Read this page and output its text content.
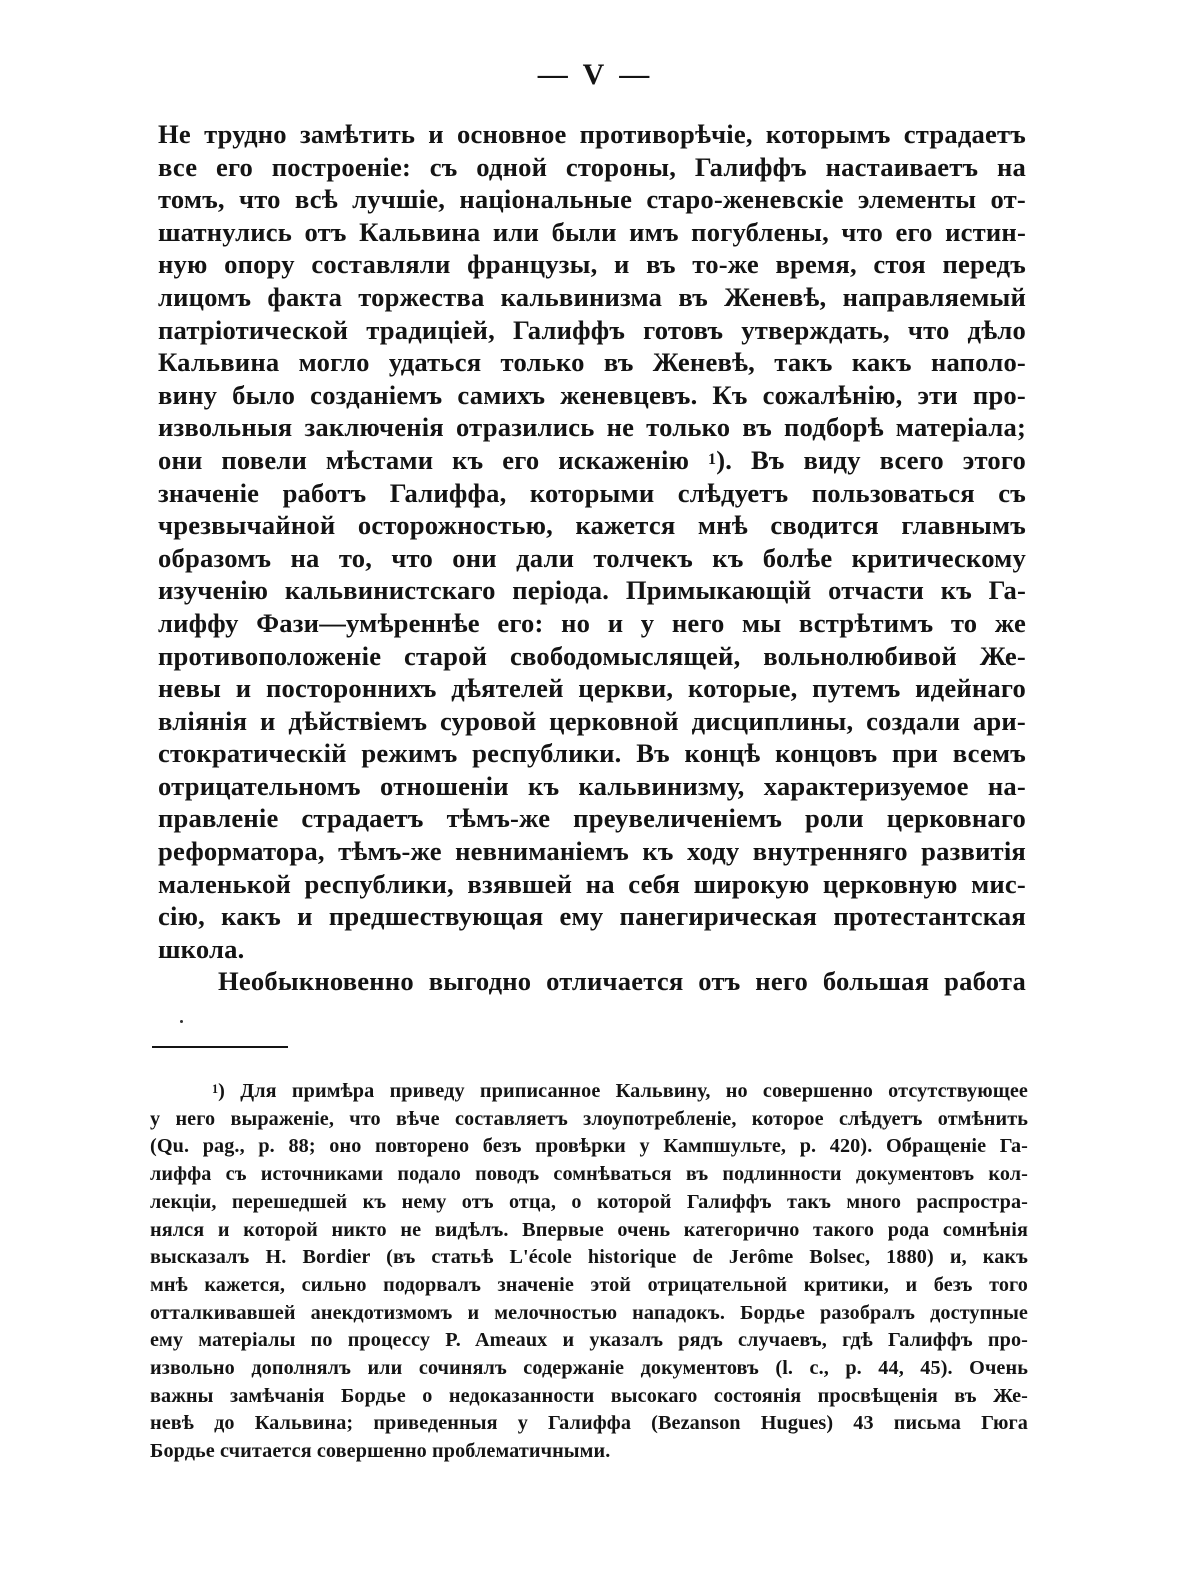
— V —
Не трудно замѣтить и основное противорѣчіе, которымъ страдаетъ
все его построеніе: съ одной стороны, Галиффъ настаиваетъ на
томъ, что всѣ лучшіе, національные старо-женевскіе элементы от-
шатнулись отъ Кальвина или были имъ погублены, что его истин-
ную опору составляли французы, и въ то-же время, стоя передъ
лицомъ факта торжества кальвинизма въ Женевѣ, направляемый
патріотической традиціей, Галиффъ готовъ утверждать, что дѣло
Кальвина могло удаться только въ Женевѣ, такъ какъ наполо-
вину было созданіемъ самихъ женевцевъ. Къ сожалѣнію, эти про-
извольныя заключенія отразились не только въ подборѣ матеріала;
они повели мѣстами къ его искаженію $^1$). Въ виду всего этого
значеніе работъ Галиффа, которыми слѣдуетъ пользоваться съ
чрезвычайной осторожностью, кажется мнѣ сводится главнымъ
образомъ на то, что они дали толчекъ къ болѣе критическому
изученію кальвинистскаго періода. Примыкающій отчасти къ Га-
лиффу Фази—умѣреннѣе его: но и у него мы встрѣтимъ то же
противоположеніе старой свободомыслящей, вольнолюбивой Же-
невы и постороннихъ дѣятелей церкви, которые, путемъ идейнаго
вліянія и дѣйствіемъ суровой церковной дисциплины, создали ари-
стократическій режимъ республики. Въ концѣ концовъ при всемъ
отрицательномъ отношеніи къ кальвинизму, характеризуемое на-
правленіе страдаетъ тѣмъ-же преувеличеніемъ роли церковнаго
реформатора, тѣмъ-же невниманіемъ къ ходу внутренняго развитія
маленькой республики, взявшей на себя широкую церковную мис-
сію, какъ и предшествующая ему панегирическая протестантская
школа.
Необыкновенно выгодно отличается отъ него большая работа
$^1$) Для примѣра приведу приписанное Кальвину, но совершенно отсутствующее
у него выраженіе, что вѣче составляетъ злоупотребленіе, которое слѣдуетъ отмѣнить
(Qu. pag., p. 88; оно повторено безъ провѣрки у Кампшульте, p. 420). Обращеніе Га-
лиффа съ источниками подало поводъ сомнѣваться въ подлинности документовъ кол-
лекціи, перешедшей къ нему отъ отца, о которой Галиффъ такъ много распростра-
нялся и которой никто не видѣлъ. Впервые очень категорично такого рода сомнѣнія
высказалъ H. Bordier (въ статьѣ L'école historique de Jerôme Bolsec, 1880) и, какъ
мнѣ кажется, сильно подорвалъ значеніе этой отрицательной критики, и безъ того
отталкивавшей анекдотизмомъ и мелочностью нападокъ. Бордье разобралъ доступные
ему матеріалы по процессу P. Ameaux и указалъ рядъ случаевъ, гдѣ Галиффъ про-
извольно дополнялъ или сочинялъ содержаніе документовъ (l. c., p. 44, 45). Очень
важны замѣчанія Бордье о недоказанности высокаго состоянія просвѣщенія въ Же-
невѣ до Кальвина; приведенныя у Галиффа (Bezanson Hugues) 43 письма Гюга
Бордье считается совершенно проблематичными.
